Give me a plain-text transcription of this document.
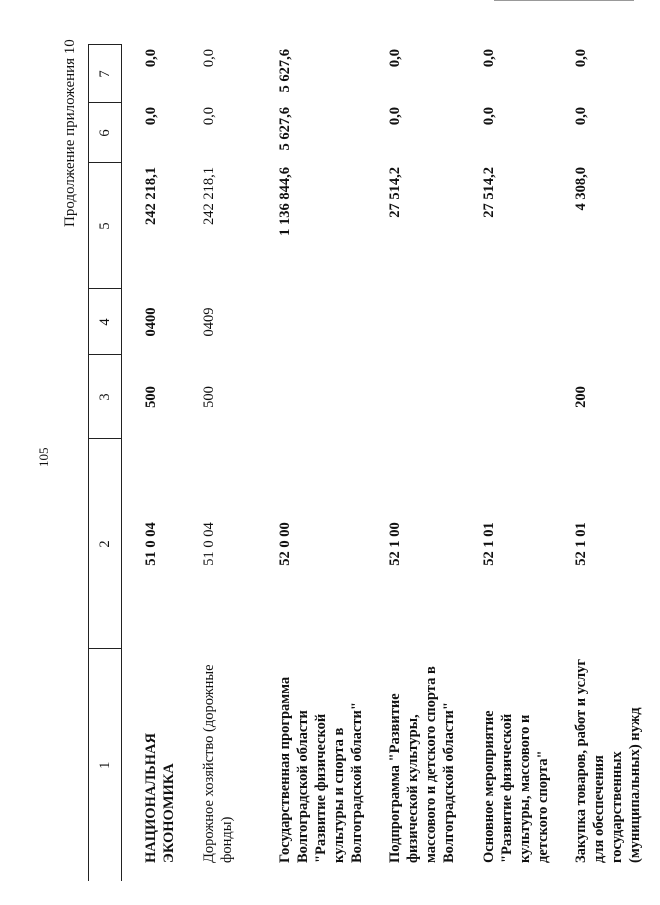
105
Продолжение приложения 10
1	2	3	4	5	6	7
НАЦИОНАЛЬНАЯ ЭКОНОМИКА	51 0 04	500	0400	242 218,1	0,0	0,0
Дорожное хозяйство (дорожные фонды)	51 0 04	500	0409	242 218,1	0,0	0,0
Государственная программа Волгоградской области "Развитие физической культуры и спорта в Волгоградской области"	52 0 00			1 136 844,6	5 627,6	5 627,6
Подпрограмма "Развитие физической культуры, массового и детского спорта в Волгоградской области"	52 1 00			27 514,2	0,0	0,0
Основное мероприятие "Развитие физической культуры, массового и детского спорта"	52 1 01			27 514,2	0,0	0,0
Закупка товаров, работ и услуг для обеспечения государственных (муниципальных) нужд	52 1 01	200		4 308,0	0,0	0,0
